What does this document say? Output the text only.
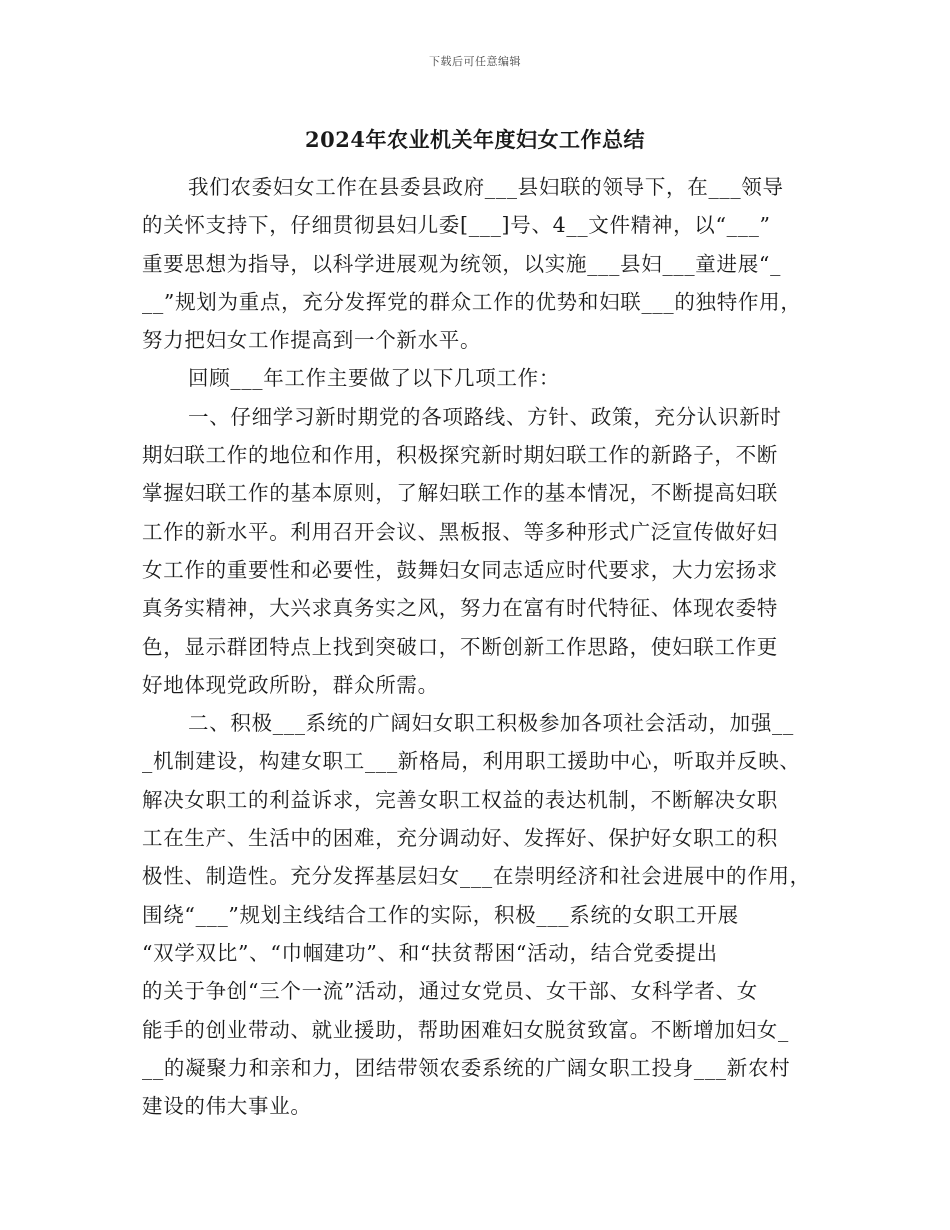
下载后可任意编辑
2024年农业机关年度妇女工作总结
我们农委妇女工作在县委县政府___县妇联的领导下，在___领导
的关怀支持下，仔细贯彻县妇儿委[___]号、4__文件精神，以“___”
重要思想为指导，以科学进展观为统领，以实施___县妇___童进展“_
__”规划为重点，充分发挥党的群众工作的优势和妇联___的独特作用，
努力把妇女工作提高到一个新水平。
回顾___年工作主要做了以下几项工作：
一、仔细学习新时期党的各项路线、方针、政策，充分认识新时
期妇联工作的地位和作用，积极探究新时期妇联工作的新路子，不断
掌握妇联工作的基本原则，了解妇联工作的基本情况，不断提高妇联
工作的新水平。利用召开会议、黑板报、等多种形式广泛宣传做好妇
女工作的重要性和必要性，鼓舞妇女同志适应时代要求，大力宏扬求
真务实精神，大兴求真务实之风，努力在富有时代特征、体现农委特
色，显示群团特点上找到突破口，不断创新工作思路，使妇联工作更
好地体现党政所盼，群众所需。
二、积极___系统的广阔妇女职工积极参加各项社会活动，加强__
_机制建设，构建女职工___新格局，利用职工援助中心，听取并反映、
解决女职工的利益诉求，完善女职工权益的表达机制，不断解决女职
工在生产、生活中的困难，充分调动好、发挥好、保护好女职工的积
极性、制造性。充分发挥基层妇女___在崇明经济和社会进展中的作用，
围绕“___”规划主线结合工作的实际，积极___系统的女职工开展
“双学双比”、“巾帼建功”、和“扶贫帮困“活动，结合党委提出
的关于争创“三个一流”活动，通过女党员、女干部、女科学者、女
能手的创业带动、就业援助，帮助困难妇女脱贫致富。不断增加妇女_
__的凝聚力和亲和力，团结带领农委系统的广阔女职工投身___新农村
建设的伟大事业。
